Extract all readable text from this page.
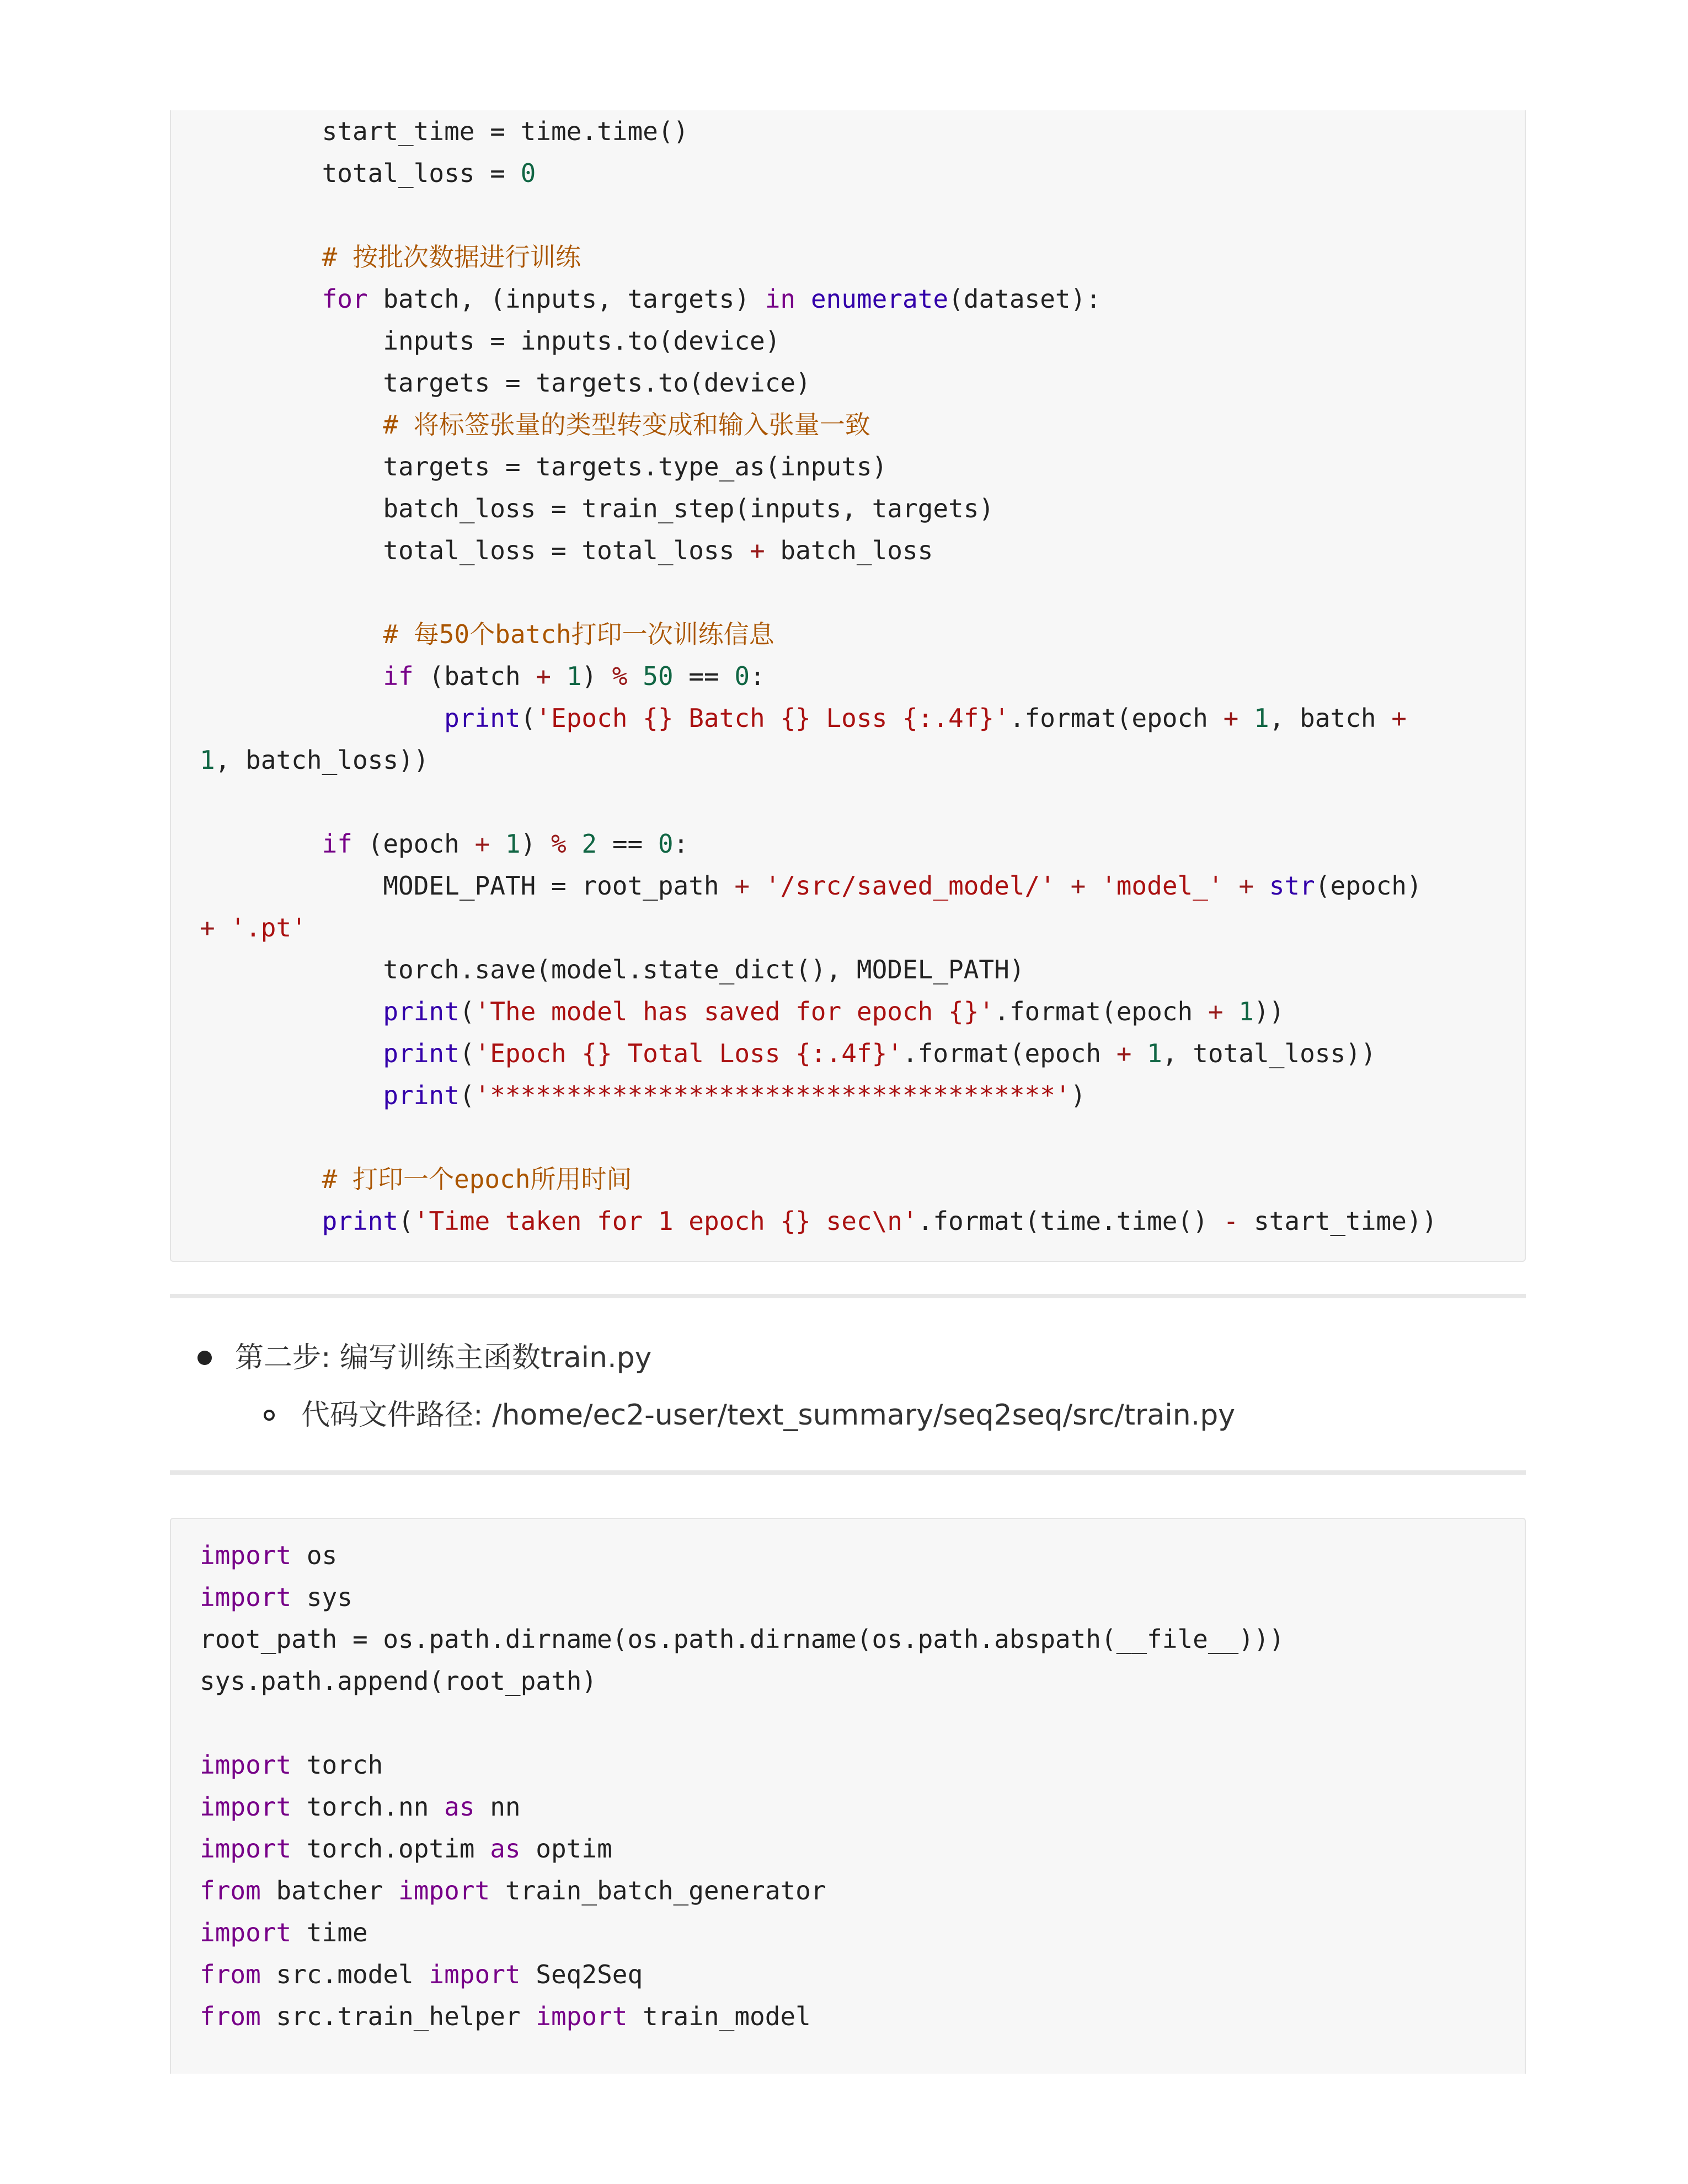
start_time = time.time()
total_loss = 0
# 按批次数据进行训练
for batch, (inputs, targets) in enumerate(dataset):
inputs = inputs.to(device)
targets = targets.to(device)
# 将标签张量的类型转变成和输入张量一致
targets = targets.type_as(inputs)
batch_loss = train_step(inputs, targets)
total_loss = total_loss + batch_loss
# 每50个batch打印一次训练信息
if (batch + 1) % 50 == 0:
print('Epoch {} Batch {} Loss {:.4f}'.format(epoch + 1, batch +
1, batch_loss))
if (epoch + 1) % 2 == 0:
MODEL_PATH = root_path + '/src/saved_model/' + 'model_' + str(epoch)
+ '.pt'
torch.save(model.state_dict(), MODEL_PATH)
print('The model has saved for epoch {}'.format(epoch + 1))
print('Epoch {} Total Loss {:.4f}'.format(epoch + 1, total_loss))
print('*************************************')
# 打印一个epoch所用时间
print('Time taken for 1 epoch {} sec\n'.format(time.time() - start_time))
第二步: 编写训练主函数train.py
代码文件路径: /home/ec2-user/text_summary/seq2seq/src/train.py
import os
import sys
root_path = os.path.dirname(os.path.dirname(os.path.abspath(__file__)))
sys.path.append(root_path)
import torch
import torch.nn as nn
import torch.optim as optim
from batcher import train_batch_generator
import time
from src.model import Seq2Seq
from src.train_helper import train_model
